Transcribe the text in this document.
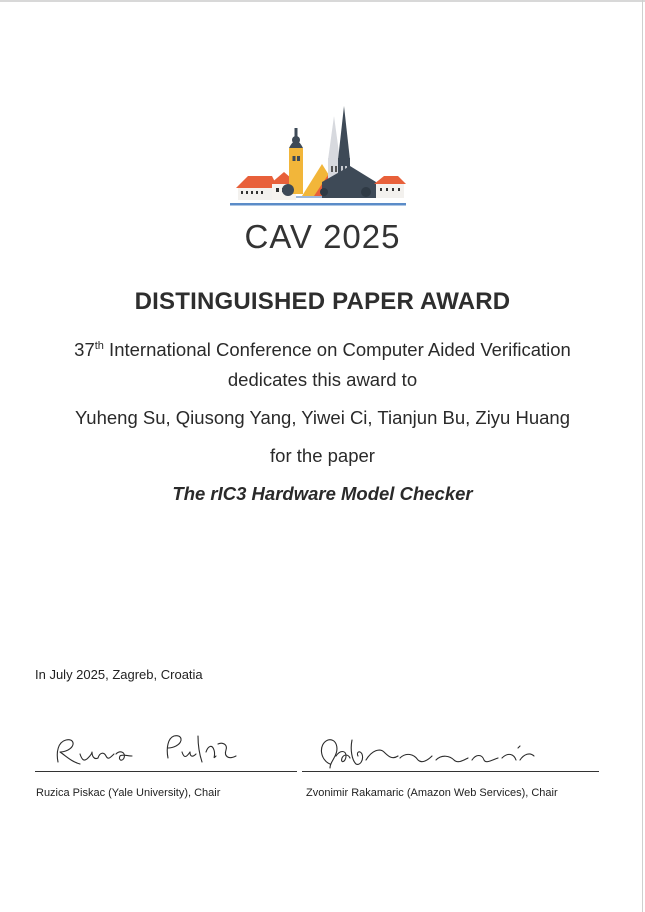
CAV 2025
DISTINGUISHED PAPER AWARD
37th International Conference on Computer Aided Verification
dedicates this award to
Yuheng Su, Qiusong Yang, Yiwei Ci, Tianjun Bu, Ziyu Huang
for the paper
The rIC3 Hardware Model Checker
In July 2025, Zagreb, Croatia
Ruzica Piskac (Yale University), Chair	Zvonimir Rakamaric (Amazon Web Services), Chair
